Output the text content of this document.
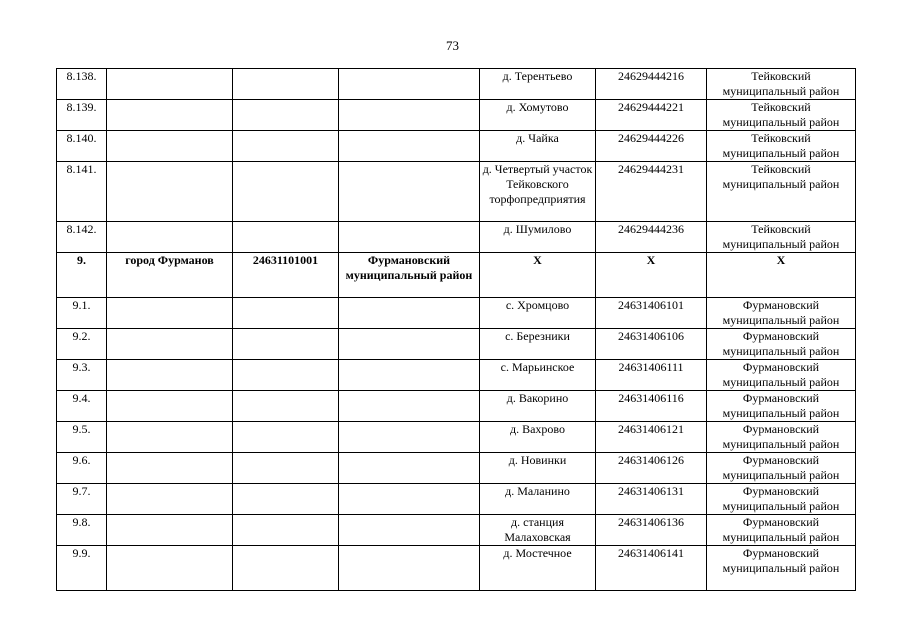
73
8.138.				д. Терентьево	24629444216	Тейковский муниципальный район
8.139.				д. Хомутово	24629444221	Тейковский муниципальный район
8.140.				д. Чайка	24629444226	Тейковский муниципальный район
8.141.				д. Четвертый участок Тейковского торфопредприятия	24629444231	Тейковский муниципальный район
8.142.				д. Шумилово	24629444236	Тейковский муниципальный район
9.	город Фурманов	24631101001	Фурмановский муниципальный район	Х	Х	Х
9.1.				с. Хромцово	24631406101	Фурмановский муниципальный район
9.2.				с. Березники	24631406106	Фурмановский муниципальный район
9.3.				с. Марьинское	24631406111	Фурмановский муниципальный район
9.4.				д. Вакорино	24631406116	Фурмановский муниципальный район
9.5.				д. Вахрово	24631406121	Фурмановский муниципальный район
9.6.				д. Новинки	24631406126	Фурмановский муниципальный район
9.7.				д. Маланино	24631406131	Фурмановский муниципальный район
9.8.				д. станция Малаховская	24631406136	Фурмановский муниципальный район
9.9.				д. Мостечное	24631406141	Фурмановский муниципальный район
